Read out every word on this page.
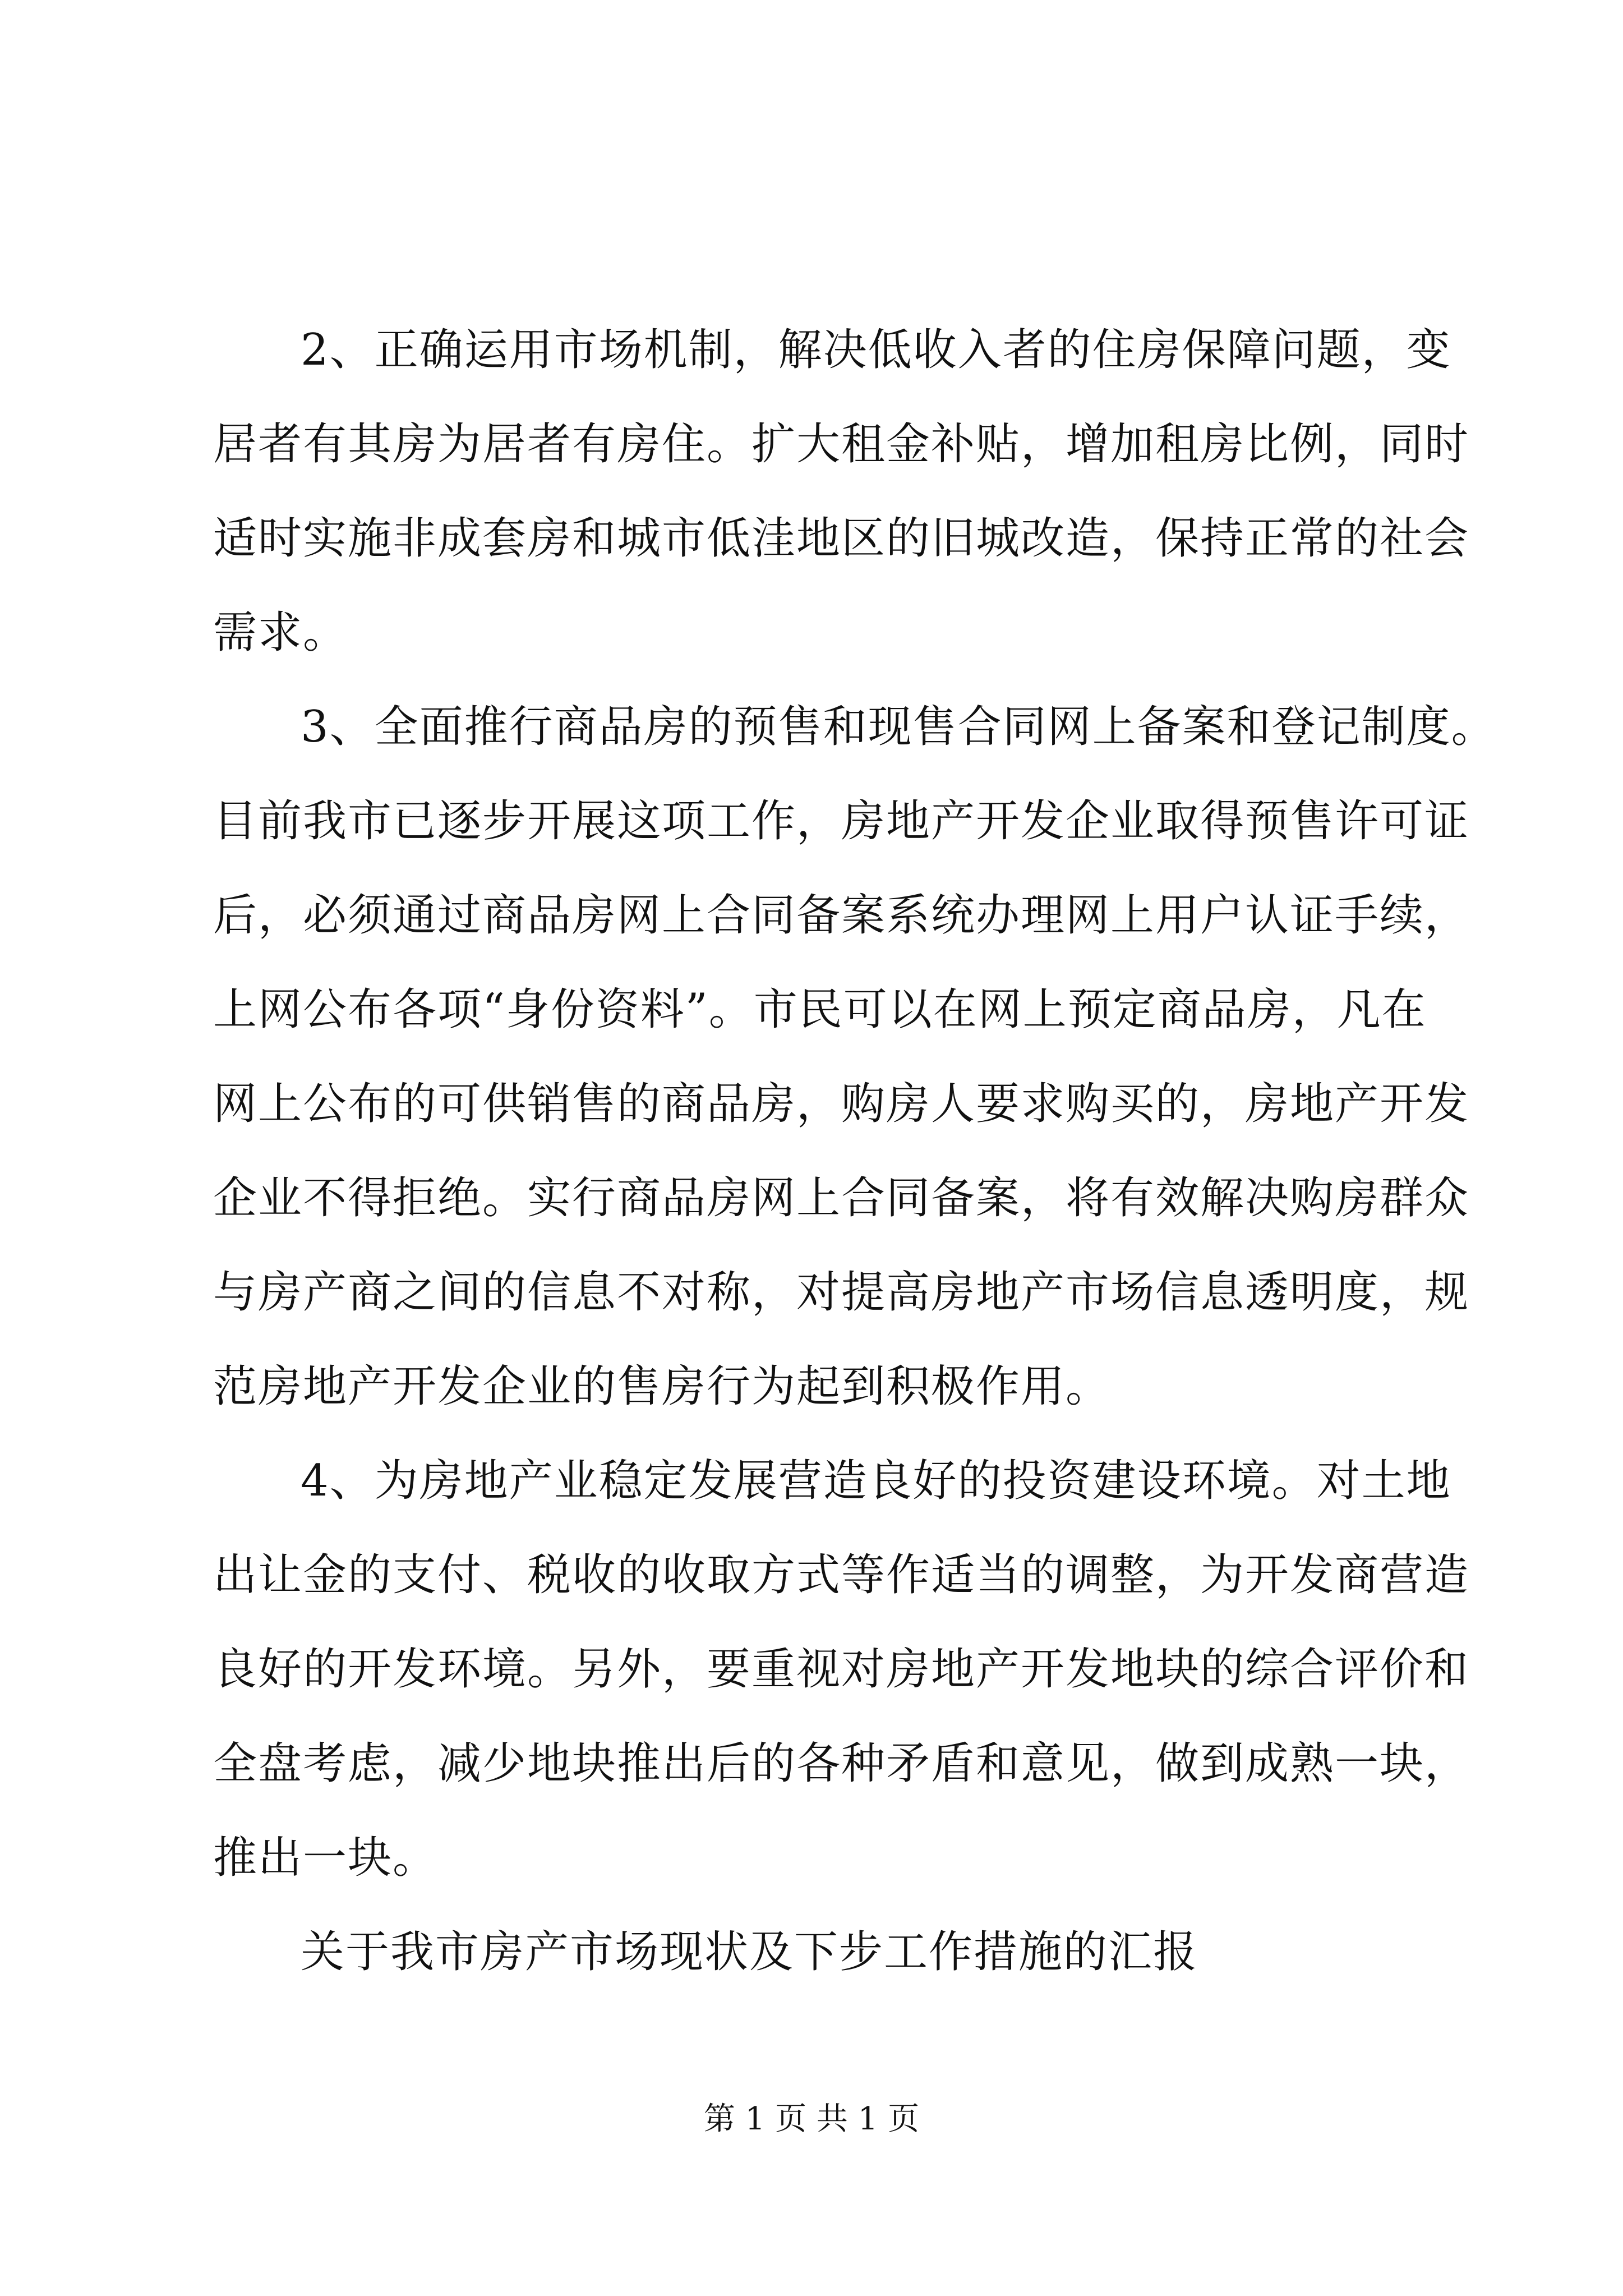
2、正确运用市场机制，解决低收入者的住房保障问题，变
居者有其房为居者有房住。扩大租金补贴，增加租房比例，同时
适时实施非成套房和城市低洼地区的旧城改造，保持正常的社会
需求。
3、全面推行商品房的预售和现售合同网上备案和登记制度。
目前我市已逐步开展这项工作，房地产开发企业取得预售许可证
后，必须通过商品房网上合同备案系统办理网上用户认证手续，
上网公布各项“身份资料”。市民可以在网上预定商品房，凡在
网上公布的可供销售的商品房，购房人要求购买的，房地产开发
企业不得拒绝。实行商品房网上合同备案，将有效解决购房群众
与房产商之间的信息不对称，对提高房地产市场信息透明度，规
范房地产开发企业的售房行为起到积极作用。
4、为房地产业稳定发展营造良好的投资建设环境。对土地
出让金的支付、税收的收取方式等作适当的调整，为开发商营造
良好的开发环境。另外，要重视对房地产开发地块的综合评价和
全盘考虑，减少地块推出后的各种矛盾和意见，做到成熟一块，
推出一块。
关于我市房产市场现状及下步工作措施的汇报
第 1 页 共 1 页
